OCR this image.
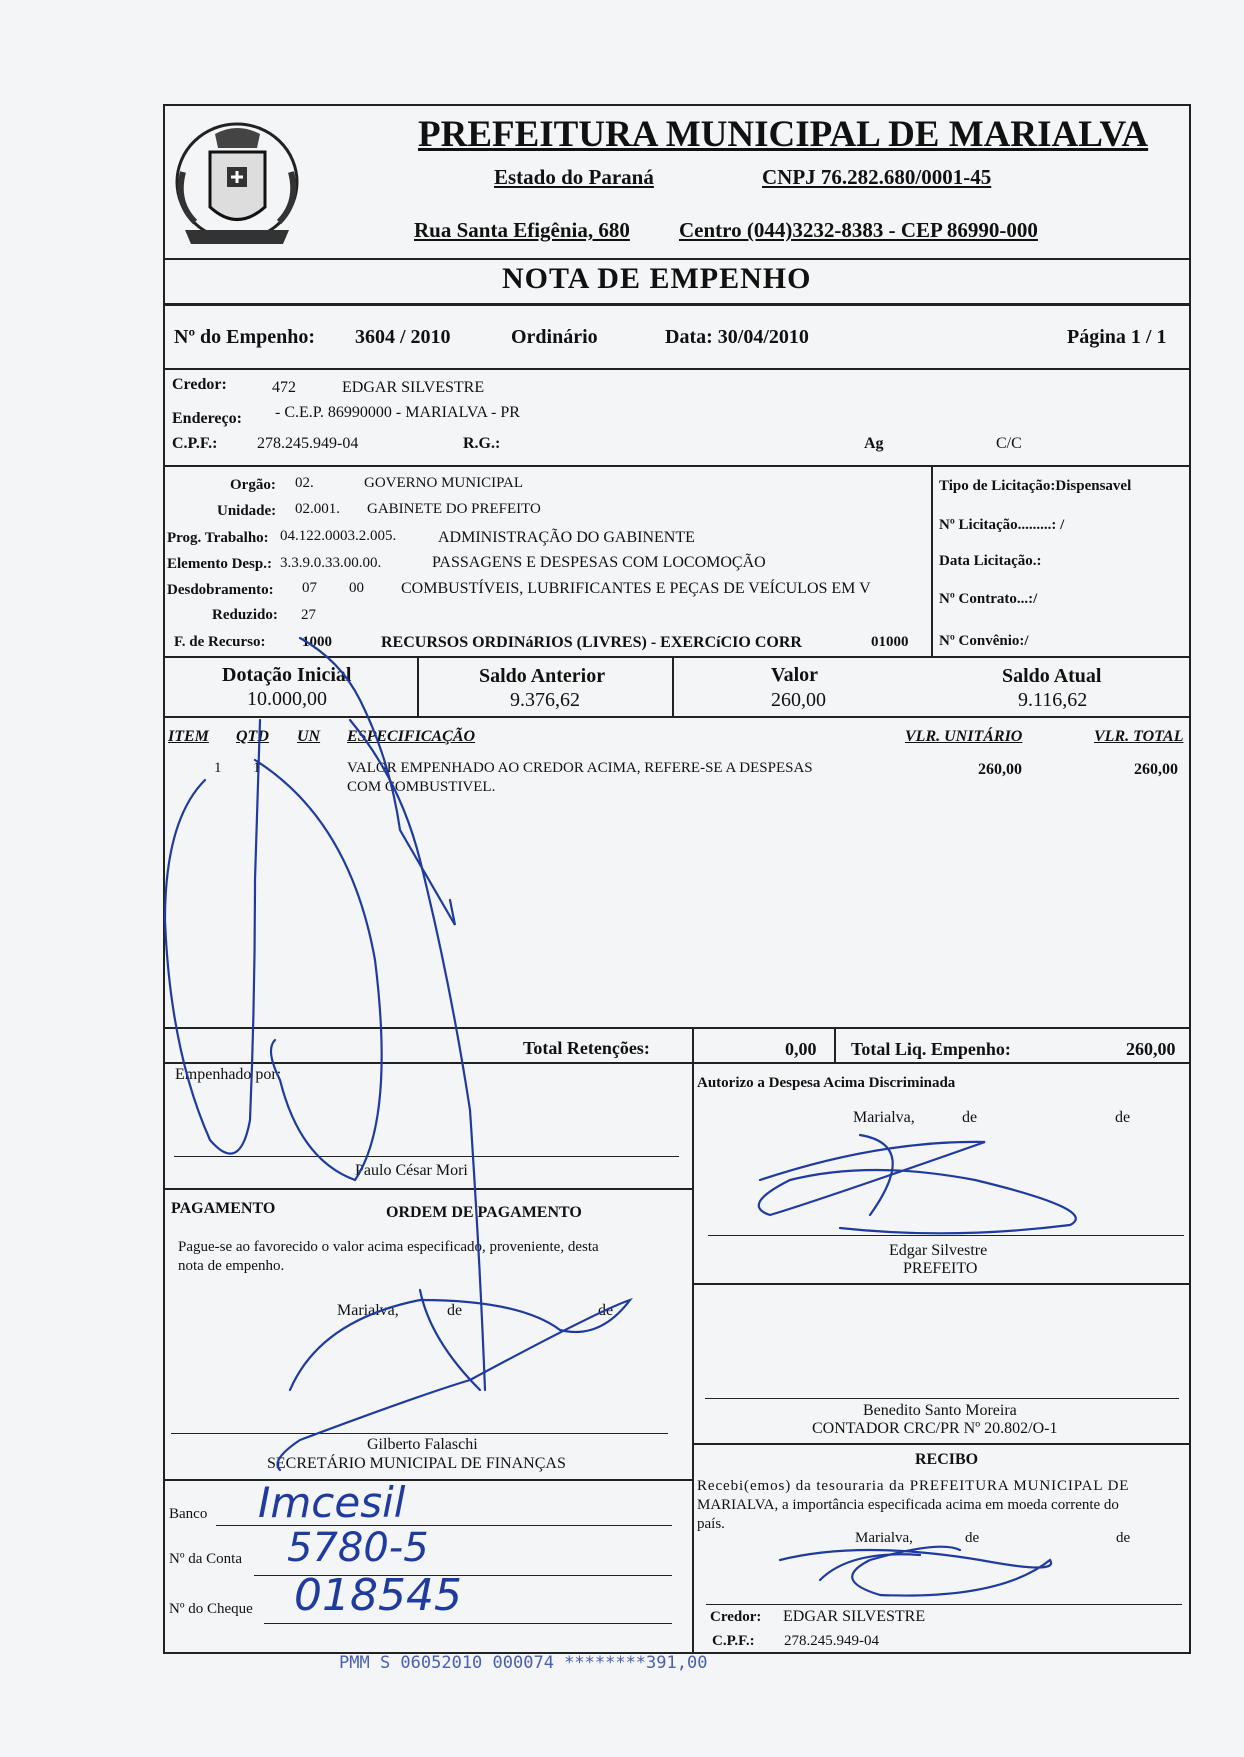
PREFEITURA MUNICIPAL DE MARIALVA
Estado do Paraná	CNPJ 76.282.680/0001-45
Rua Santa Efigênia, 680 Centro (044)3232-8383 - CEP 86990-000
NOTA DE EMPENHO
Nº do Empenho: 3604 / 2010	Ordinário	Data: 30/04/2010	Página 1 / 1
Credor:	472	EDGAR SILVESTRE
Endereço: - C.E.P. 86990000 - MARIALVA - PR
C.P.F.: 278.245.949-04	R.G.:	Ag	C/C
Orgão: 02.	GOVERNO MUNICIPAL
Unidade: 02.001. GABINETE DO PREFEITO
Prog. Trabalho: 04.122.0003.2.005.	ADMINISTRAÇÃO DO GABINENTE
Elemento Desp.: 3.3.9.0.33.00.00.	PASSAGENS E DESPESAS COM LOCOMOÇÃO
Desdobramento: 07 00 COMBUSTÍVEIS, LUBRIFICANTES E PEÇAS DE VEÍCULOS EM V
Reduzido: 27
F. de Recurso: 1000	RECURSOS ORDINáRIOS (LIVRES) - EXERCíCIO CORR	01000
Tipo de Licitação:Dispensavel
Nº Licitação.........: /
Data Licitação.:
Nº Contrato...:/
Nº Convênio:/
Dotação Inicial
10.000,00
Saldo Anterior
9.376,62
Valor
260,00
Saldo Atual
9.116,62
ITEM QTD UN ESPECIFICAÇÃO	VLR. UNITÁRIO	VLR. TOTAL
1 1	VALOR EMPENHADO AO CREDOR ACIMA, REFERE-SE A DESPESAS
COM COMBUSTIVEL.
260,00	260,00
Total Retenções:	0,00 Total Liq. Empenho:	260,00
Empenhado por:
Paulo César Mori
Autorizo a Despesa Acima Discriminada
Marialva,	de	de
Edgar Silvestre
PREFEITO
PAGAMENTO	ORDEM DE PAGAMENTO
Pague-se ao favorecido o valor acima especificado, proveniente, desta
nota de empenho.
Marialva,	de	de
Gilberto Falaschi
SECRETÁRIO MUNICIPAL DE FINANÇAS
Benedito Santo Moreira
CONTADOR CRC/PR Nº 20.802/O-1
RECIBO
Recebi(emos) da tesouraria da PREFEITURA MUNICIPAL DE
MARIALVA, a importância especificada acima em moeda corrente do
país.
Marialva,	de	de
Credor: EDGAR SILVESTRE
C.P.F.: 278.245.949-04
Banco Imcesil
Nº da Conta 5780-5
Nº do Cheque 018545
PMM S 06052010 000074 ********391,00
